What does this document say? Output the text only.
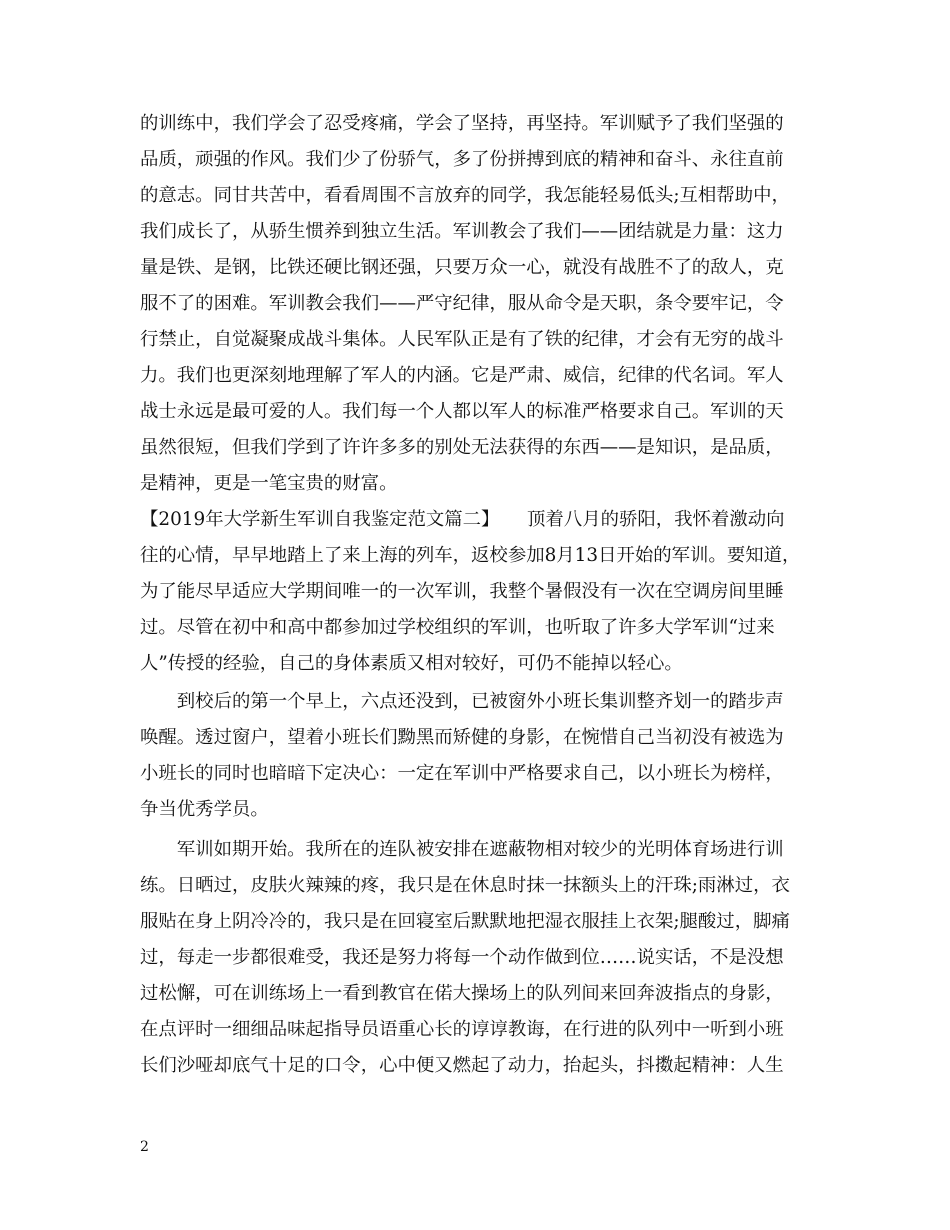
的训练中，我们学会了忍受疼痛，学会了坚持，再坚持。军训赋予了我们坚强的
品质，顽强的作风。我们少了份骄气，多了份拼搏到底的精神和奋斗、永往直前
的意志。同甘共苦中，看看周围不言放弃的同学，我怎能轻易低头;互相帮助中，
我们成长了，从骄生惯养到独立生活。军训教会了我们——团结就是力量：这力
量是铁、是钢，比铁还硬比钢还强，只要万众一心，就没有战胜不了的敌人，克
服不了的困难。军训教会我们——严守纪律，服从命令是天职，条令要牢记，令
行禁止，自觉凝聚成战斗集体。人民军队正是有了铁的纪律，才会有无穷的战斗
力。我们也更深刻地理解了军人的内涵。它是严肃、威信，纪律的代名词。军人
战士永远是最可爱的人。我们每一个人都以军人的标准严格要求自己。军训的天
虽然很短，但我们学到了许许多多的别处无法获得的东西——是知识，是品质，
是精神，更是一笔宝贵的财富。
【2019年大学新生军训自我鉴定范文篇二】　　顶着八月的骄阳，我怀着激动向
往的心情，早早地踏上了来上海的列车，返校参加8月13日开始的军训。要知道，
为了能尽早适应大学期间唯一的一次军训，我整个暑假没有一次在空调房间里睡
过。尽管在初中和高中都参加过学校组织的军训，也听取了许多大学军训“过来
人”传授的经验，自己的身体素质又相对较好，可仍不能掉以轻心。
　　到校后的第一个早上，六点还没到，已被窗外小班长集训整齐划一的踏步声
唤醒。透过窗户，望着小班长们黝黑而矫健的身影，在惋惜自己当初没有被选为
小班长的同时也暗暗下定决心：一定在军训中严格要求自己，以小班长为榜样，
争当优秀学员。
　　军训如期开始。我所在的连队被安排在遮蔽物相对较少的光明体育场进行训
练。日晒过，皮肤火辣辣的疼，我只是在休息时抹一抹额头上的汗珠;雨淋过，衣
服贴在身上阴冷冷的，我只是在回寝室后默默地把湿衣服挂上衣架;腿酸过，脚痛
过，每走一步都很难受，我还是努力将每一个动作做到位……说实话，不是没想
过松懈，可在训练场上一看到教官在偌大操场上的队列间来回奔波指点的身影，
在点评时一细细品味起指导员语重心长的谆谆教诲，在行进的队列中一听到小班
长们沙哑却底气十足的口令，心中便又燃起了动力，抬起头，抖擞起精神：人生
2
